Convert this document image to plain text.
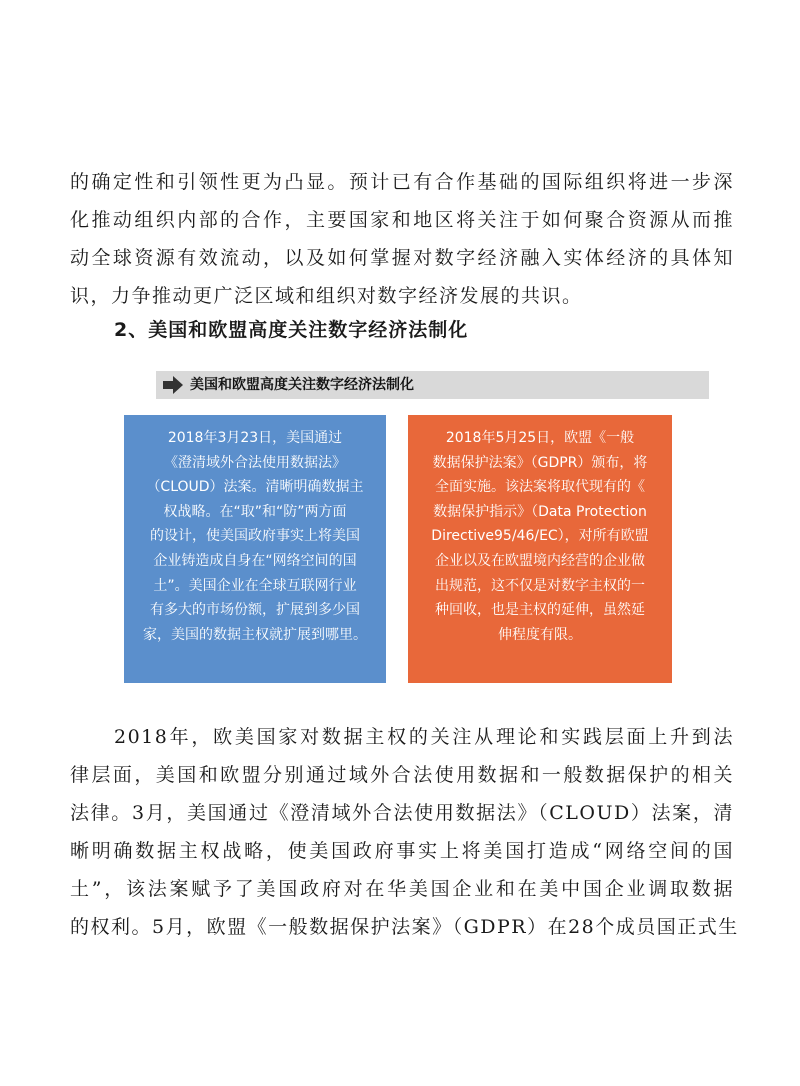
的确定性和引领性更为凸显。预计已有合作基础的国际组织将进一步深
化推动组织内部的合作，主要国家和地区将关注于如何聚合资源从而推
动全球资源有效流动，以及如何掌握对数字经济融入实体经济的具体知
识，力争推动更广泛区域和组织对数字经济发展的共识。
2、美国和欧盟高度关注数字经济法制化
美国和欧盟高度关注数字经济法制化
2018年3月23日，美国通过
《澄清域外合法使用数据法》
（CLOUD）法案。清晰明确数据主
权战略。在“取”和“防”两方面
的设计，使美国政府事实上将美国
企业铸造成自身在“网络空间的国
土”。美国企业在全球互联网行业
有多大的市场份额，扩展到多少国
家，美国的数据主权就扩展到哪里。
2018年5月25日，欧盟《一般
数据保护法案》（GDPR）颁布，将
全面实施。该法案将取代现有的《
数据保护指示》（Data Protection
Directive95/46/EC），对所有欧盟
企业以及在欧盟境内经营的企业做
出规范，这不仅是对数字主权的一
种回收，也是主权的延伸，虽然延
伸程度有限。
2018年，欧美国家对数据主权的关注从理论和实践层面上升到法
律层面，美国和欧盟分别通过域外合法使用数据和一般数据保护的相关
法律。3月，美国通过《澄清域外合法使用数据法》（CLOUD）法案，清
晰明确数据主权战略，使美国政府事实上将美国打造成“网络空间的国
土”，该法案赋予了美国政府对在华美国企业和在美中国企业调取数据
的权利。5月，欧盟《一般数据保护法案》（GDPR）在28个成员国正式生
